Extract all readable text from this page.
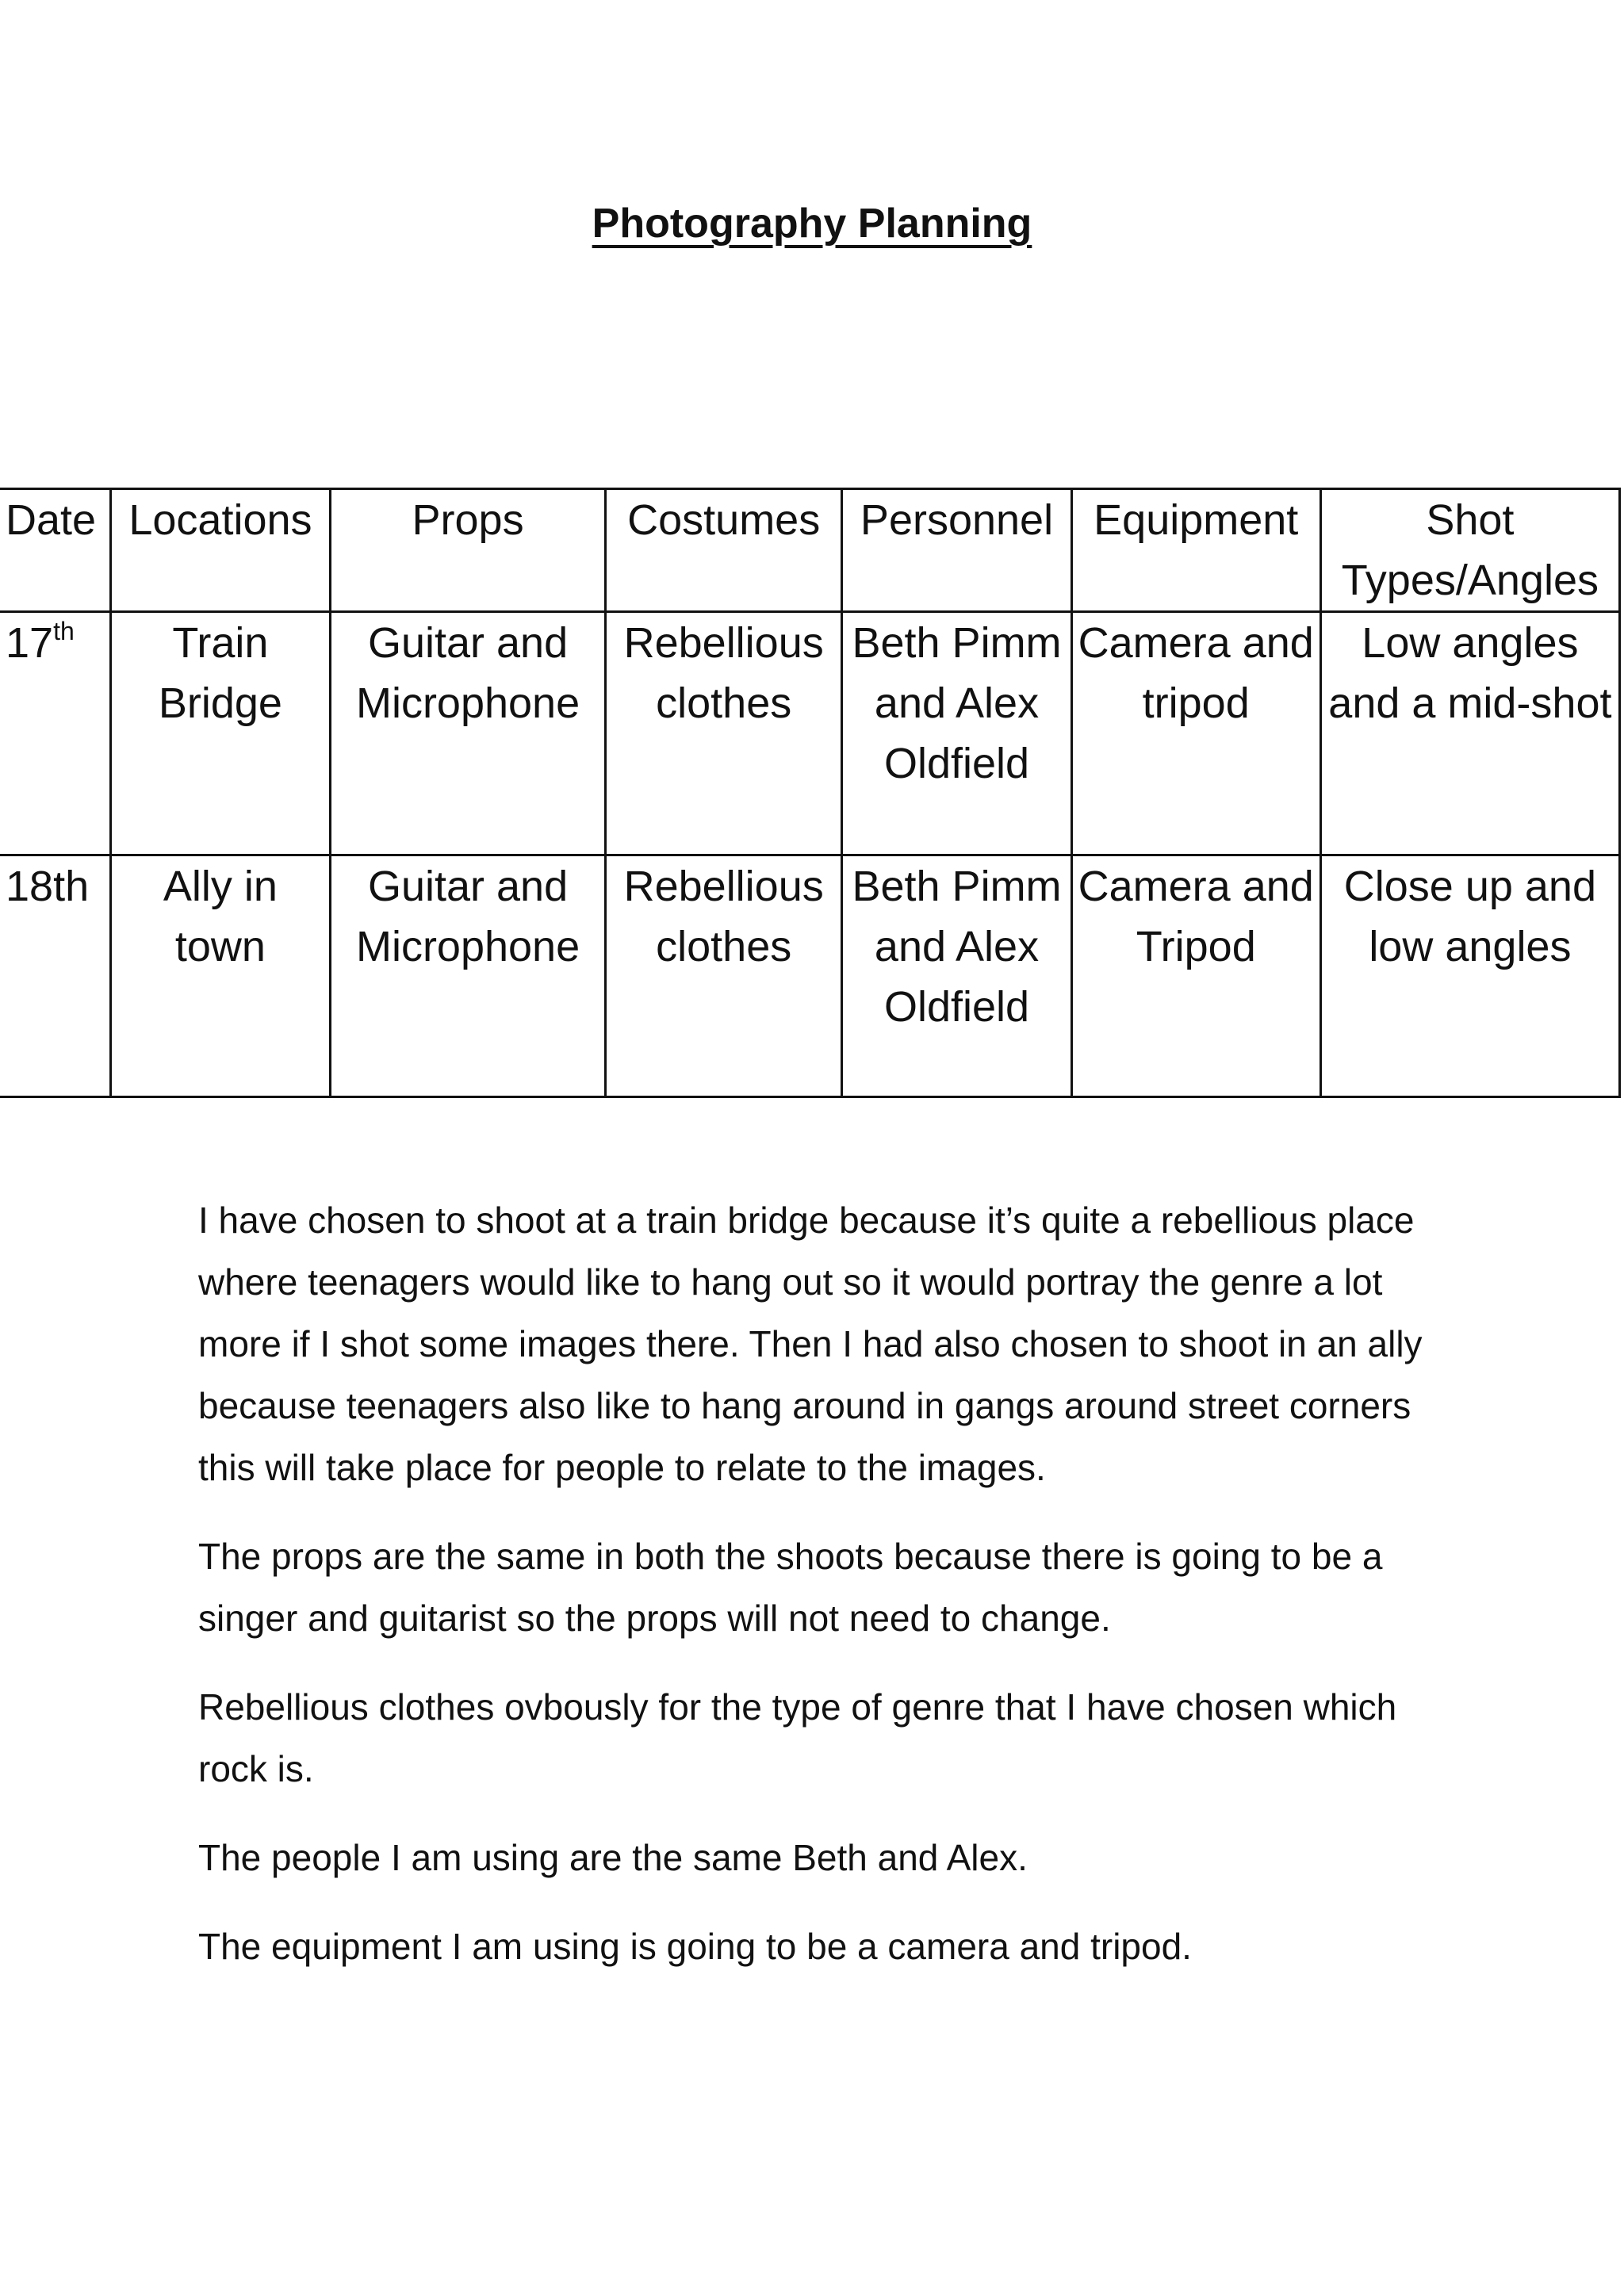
Photography Planning
Date	Locations	Props	Costumes	Personnel	Equipment	Shot Types/Angles
17th	Train Bridge	Guitar and Microphone	Rebellious clothes	Beth Pimm and Alex Oldfield	Camera and tripod	Low angles and a mid-shot
18th	Ally in town	Guitar and Microphone	Rebellious clothes	Beth Pimm and Alex Oldfield	Camera and Tripod	Close up and low angles

I have chosen to shoot at a train bridge because it’s quite a rebellious place where teenagers would like to hang out so it would portray the genre a lot more if I shot some images there. Then I had also chosen to shoot in an ally because teenagers also like to hang around in gangs around street corners this will take place for people to relate to the images.

The props are the same in both the shoots because there is going to be a singer and guitarist so the props will not need to change.

Rebellious clothes ovbously for the type of genre that I have chosen which rock is.

The people I am using are the same Beth and Alex.

The equipment I am using is going to be a camera and tripod.
